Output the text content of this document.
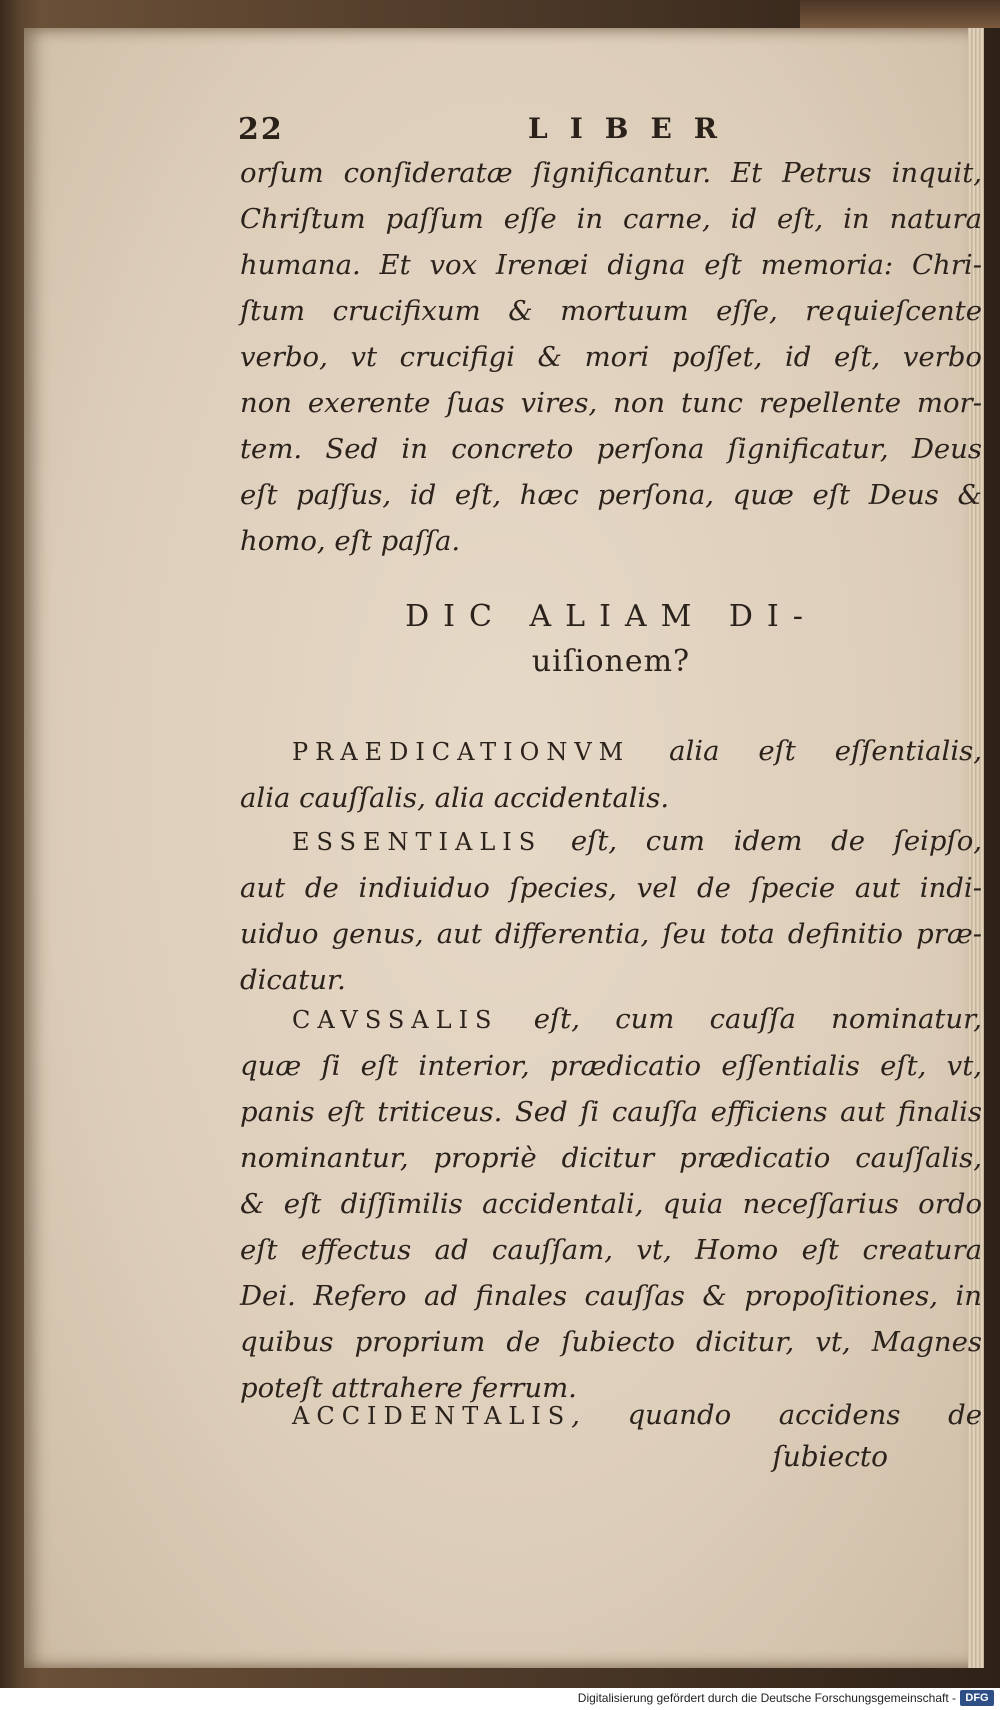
22	LIBER
orſum conſideratæ ſignificantur. Et Petrus inquit,
Chriſtum paſſum eſſe in carne, id eſt, in natura
humana. Et vox Irenæi digna eſt memoria: Chri-
ſtum crucifixum & mortuum eſſe, requieſcente
verbo, vt crucifigi & mori poſſet, id eſt, verbo
non exerente ſuas vires, non tunc repellente mor-
tem. Sed in concreto perſona ſignificatur, Deus
eſt paſſus, id eſt, hæc perſona, quæ eſt Deus &
homo, eſt paſſa.
DIC ALIAM DI-
uiſionem?
PRAEDICATIONVM alia eſt eſſentialis,
alia cauſſalis, alia accidentalis.
ESSENTIALIS eſt, cum idem de ſeipſo,
aut de indiuiduo ſpecies, vel de ſpecie aut indi-
uiduo genus, aut differentia, ſeu tota definitio præ-
dicatur.
CAVSSALIS eſt, cum cauſſa nominatur,
quæ ſi eſt interior, prædicatio eſſentialis eſt, vt,
panis eſt triticeus. Sed ſi cauſſa efficiens aut finalis
nominantur, propriè dicitur prædicatio cauſſalis,
& eſt diſſimilis accidentali, quia neceſſarius ordo
eſt effectus ad cauſſam, vt, Homo eſt creatura
Dei. Refero ad finales cauſſas & propoſitiones, in
quibus proprium de ſubiecto dicitur, vt, Magnes
poteſt attrahere ferrum.
ACCIDENTALIS, quando accidens de
ſubiecto
Digitalisierung gefördert durch die Deutsche Forschungsgemeinschaft - DFG
